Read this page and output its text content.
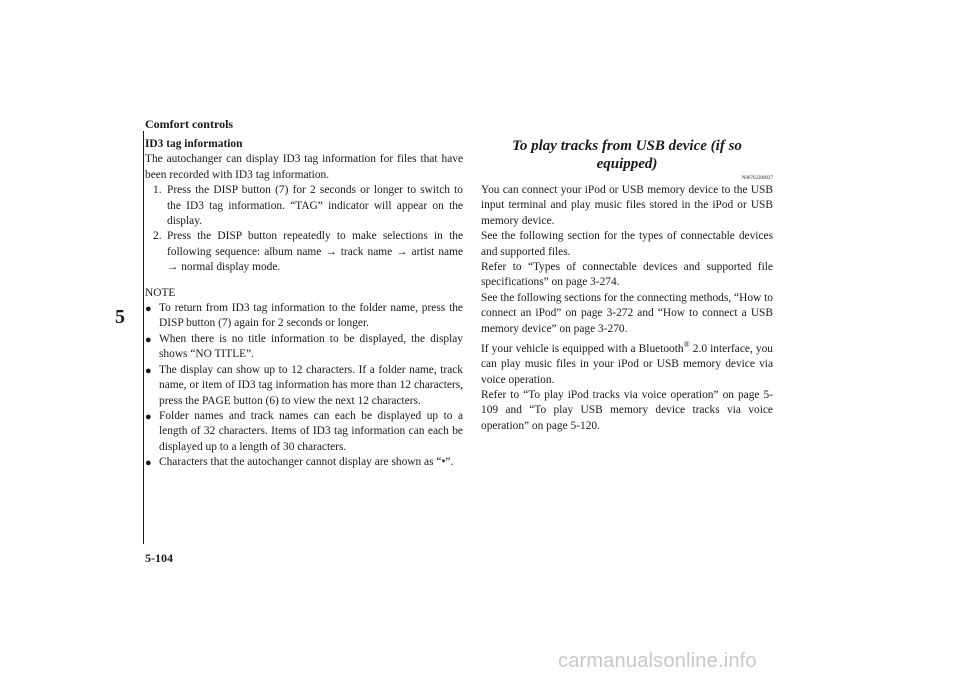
Comfort controls
5

ID3 tag information

The autochanger can display ID3 tag information for files that have been recorded with ID3 tag information.

1. Press the DISP button (7) for 2 seconds or longer to switch to the ID3 tag information. “TAG” indicator will appear on the display.
2. Press the DISP button repeatedly to make selections in the following sequence: album name → track name → artist name → normal display mode.

NOTE

● To return from ID3 tag information to the folder name, press the DISP button (7) again for 2 seconds or longer.
● When there is no title information to be displayed, the display shows “NO TITLE”.
● The display can show up to 12 characters. If a folder name, track name, or item of ID3 tag information has more than 12 characters, press the PAGE button (6) to view the next 12 characters.
● Folder names and track names can each be displayed up to a length of 32 characters. Items of ID3 tag information can each be displayed up to a length of 30 characters.
● Characters that the autochanger cannot display are shown as “•”.

To play tracks from USB device (if so equipped)

N00762200027

You can connect your iPod or USB memory device to the USB input terminal and play music files stored in the iPod or USB memory device.

See the following section for the types of connectable devices and supported files.

Refer to “Types of connectable devices and supported file specifications” on page 3-274.

See the following sections for the connecting methods, “How to connect an iPod” on page 3-272 and “How to connect a USB memory device” on page 3-270.

If your vehicle is equipped with a Bluetooth® 2.0 interface, you can play music files in your iPod or USB memory device via voice operation.

Refer to “To play iPod tracks via voice operation” on page 5-109 and “To play USB memory device tracks via voice operation” on page 5-120.

5-104
carmanualsonline.info
